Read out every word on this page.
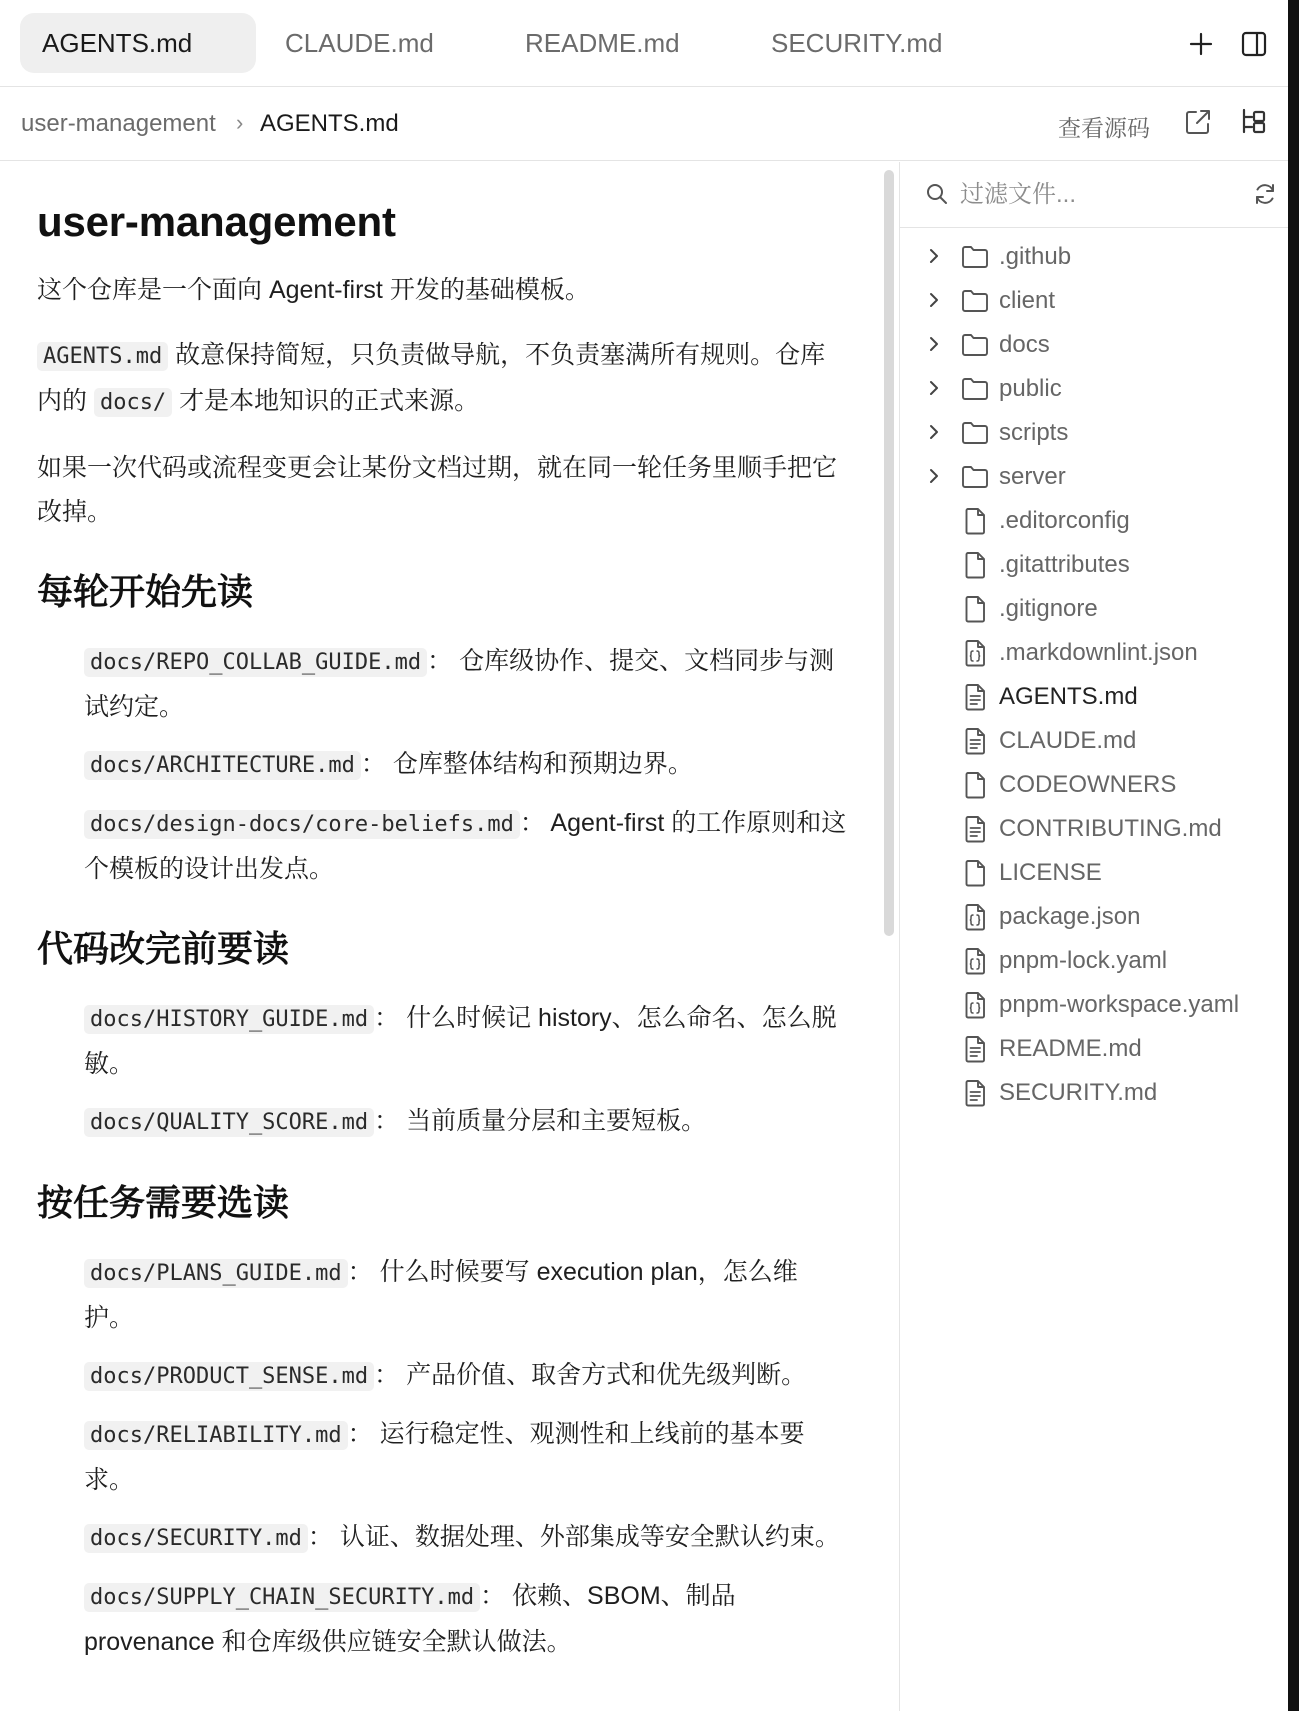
AGENTS.md	CLAUDE.md	README.md	SECURITY.md
user-management › AGENTS.md	查看源码
user-management

这个仓库是一个面向 Agent-first 开发的基础模板。

AGENTS.md 故意保持简短，只负责做导航，不负责塞满所有规则。仓库内的 docs/ 才是本地知识的正式来源。

如果一次代码或流程变更会让某份文档过期，就在同一轮任务里顺手把它改掉。

每轮开始先读
docs/REPO_COLLAB_GUIDE.md ： 仓库级协作、提交、文档同步与测试约定。
docs/ARCHITECTURE.md ： 仓库整体结构和预期边界。
docs/design-docs/core-beliefs.md ： Agent-first 的工作原则和这个模板的设计出发点。
代码改完前要读
docs/HISTORY_GUIDE.md ： 什么时候记 history、怎么命名、怎么脱敏。
docs/QUALITY_SCORE.md ： 当前质量分层和主要短板。
按任务需要选读
docs/PLANS_GUIDE.md ： 什么时候要写 execution plan，怎么维护。
docs/PRODUCT_SENSE.md ： 产品价值、取舍方式和优先级判断。
docs/RELIABILITY.md ： 运行稳定性、观测性和上线前的基本要求。
docs/SECURITY.md ： 认证、数据处理、外部集成等安全默认约束。
docs/SUPPLY_CHAIN_SECURITY.md ： 依赖、SBOM、制品 provenance 和仓库级供应链安全默认做法。
过滤文件...
.github
client
docs
public
scripts
server
.editorconfig
.gitattributes
.gitignore
.markdownlint.json
AGENTS.md
CLAUDE.md
CODEOWNERS
CONTRIBUTING.md
LICENSE
package.json
pnpm-lock.yaml
pnpm-workspace.yaml
README.md
SECURITY.md
